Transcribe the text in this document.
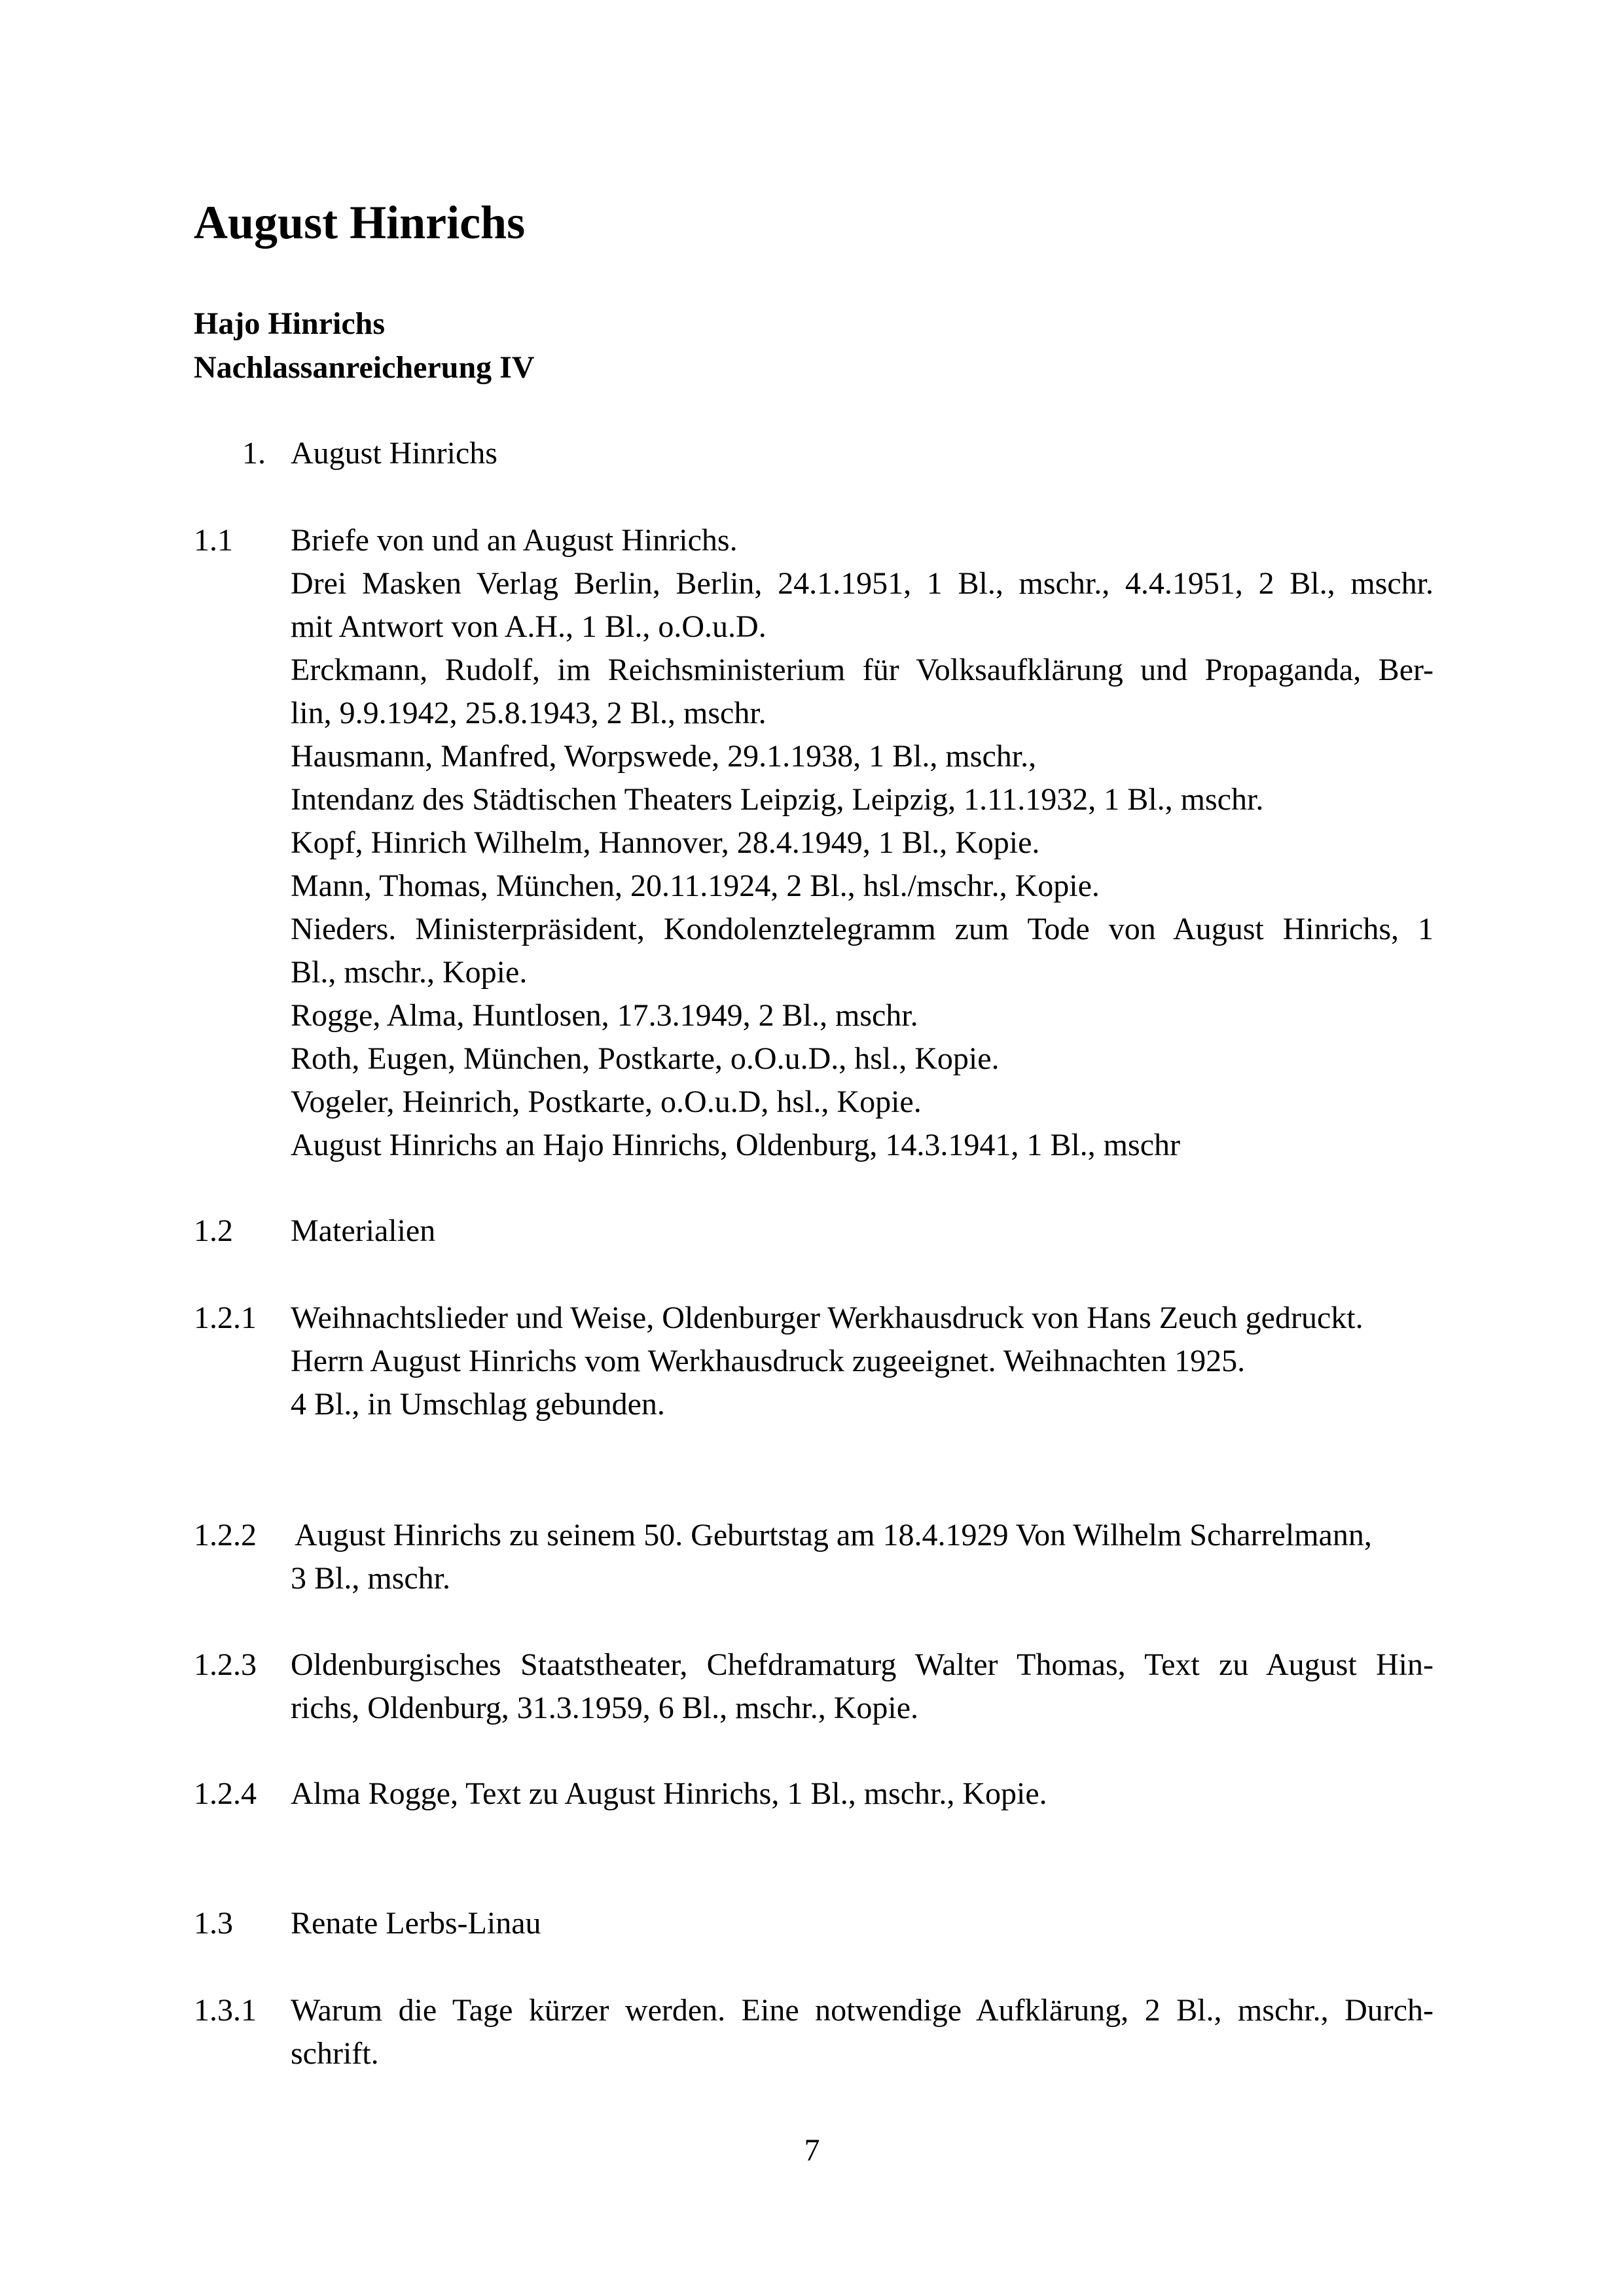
August Hinrichs
Hajo Hinrichs
Nachlassanreicherung IV
1. August Hinrichs
1.1 Briefe von und an August Hinrichs.
Drei Masken Verlag Berlin, Berlin, 24.1.1951, 1 Bl., mschr., 4.4.1951, 2 Bl., mschr.
mit Antwort von A.H., 1 Bl., o.O.u.D.
Erckmann, Rudolf, im Reichsministerium für Volksaufklärung und Propaganda, Ber-
lin, 9.9.1942, 25.8.1943, 2 Bl., mschr.
Hausmann, Manfred, Worpswede, 29.1.1938, 1 Bl., mschr.,
Intendanz des Städtischen Theaters Leipzig, Leipzig, 1.11.1932, 1 Bl., mschr.
Kopf, Hinrich Wilhelm, Hannover, 28.4.1949, 1 Bl., Kopie.
Mann, Thomas, München, 20.11.1924, 2 Bl., hsl./mschr., Kopie.
Nieders. Ministerpräsident, Kondolenztelegramm zum Tode von August Hinrichs, 1
Bl., mschr., Kopie.
Rogge, Alma, Huntlosen, 17.3.1949, 2 Bl., mschr.
Roth, Eugen, München, Postkarte, o.O.u.D., hsl., Kopie.
Vogeler, Heinrich, Postkarte, o.O.u.D, hsl., Kopie.
August Hinrichs an Hajo Hinrichs, Oldenburg, 14.3.1941, 1 Bl., mschr
1.2 Materialien
1.2.1 Weihnachtslieder und Weise, Oldenburger Werkhausdruck von Hans Zeuch gedruckt.
Herrn August Hinrichs vom Werkhausdruck zugeeignet. Weihnachten 1925.
4 Bl., in Umschlag gebunden.
1.2.2 August Hinrichs zu seinem 50. Geburtstag am 18.4.1929 Von Wilhelm Scharrelmann,
3 Bl., mschr.
1.2.3 Oldenburgisches Staatstheater, Chefdramaturg Walter Thomas, Text zu August Hin-
richs, Oldenburg, 31.3.1959, 6 Bl., mschr., Kopie.
1.2.4 Alma Rogge, Text zu August Hinrichs, 1 Bl., mschr., Kopie.
1.3 Renate Lerbs-Linau
1.3.1 Warum die Tage kürzer werden. Eine notwendige Aufklärung, 2 Bl., mschr., Durch-
schrift.
7
